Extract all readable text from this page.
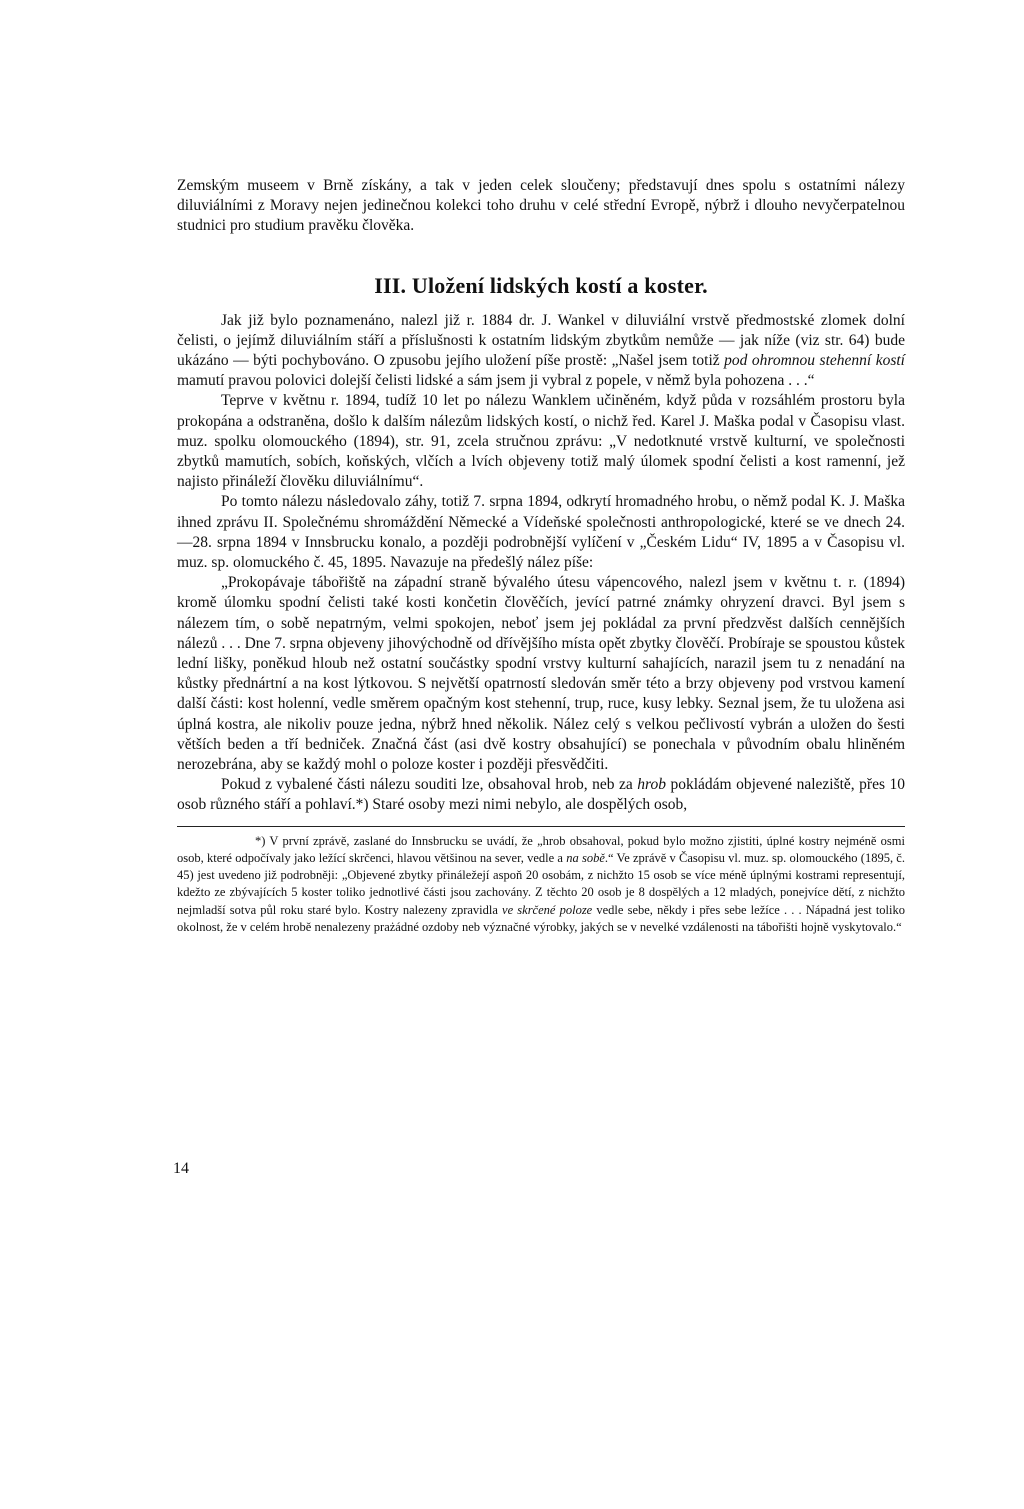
Zemským museem v Brně získány, a tak v jeden celek sloučeny; představují dnes spolu s ostatními nálezy diluviálními z Moravy nejen jedinečnou kolekci toho druhu v celé střední Evropě, nýbrž i dlouho nevyčerpatelnou studnici pro studium pravěku člověka.

III. Uložení lidských kostí a koster.

Jak již bylo poznamenáno, nalezl již r. 1884 dr. J. Wankel v diluviální vrstvě předmostské zlomek dolní čelisti, o jejímž diluviálním stáří a příslušnosti k ostatním lidským zbytkům nemůže — jak níže (viz str. 64) bude ukázáno — býti pochybováno. O zpusobu jejího uložení píše prostě: „Našel jsem totiž pod ohromnou stehenní kostí mamutí pravou polovici dolejší čelisti lidské a sám jsem ji vybral z popele, v němž byla pohozena . . .“

Teprve v květnu r. 1894, tudíž 10 let po nálezu Wanklem učiněném, když půda v rozsáhlém prostoru byla prokopána a odstraněna, došlo k dalším nálezům lidských kostí, o nichž řed. Karel J. Maška podal v Časopisu vlast. muz. spolku olomouckého (1894), str. 91, zcela stručnou zprávu: „V nedotknuté vrstvě kulturní, ve společnosti zbytků mamutích, sobích, koňských, vlčích a lvích objeveny totiž malý úlomek spodní čelisti a kost ramenní, jež najisto přináleží člověku diluviálnímu“.

Po tomto nálezu následovalo záhy, totiž 7. srpna 1894, odkrytí hromadného hrobu, o němž podal K. J. Maška ihned zprávu II. Společnému shromáždění Německé a Vídeňské společnosti anthropologické, které se ve dnech 24.—28. srpna 1894 v Innsbrucku konalo, a později podrobnější vylíčení v „Českém Lidu“ IV, 1895 a v Časopisu vl. muz. sp. olomuckého č. 45, 1895. Navazuje na předešlý nález píše:

„Prokopávaje tábořiště na západní straně bývalého útesu vápencového, nalezl jsem v květnu t. r. (1894) kromě úlomku spodní čelisti také kosti končetin člověčích, jevící patrné známky ohryzení dravci. Byl jsem s nálezem tím, o sobě nepatrným, velmi spokojen, neboť jsem jej pokládal za první předzvěst dalších cennějších nálezů . . . Dne 7. srpna objeveny jihovýchodně od dřívějšího místa opět zbytky člověčí. Probíraje se spoustou kůstek lední lišky, poněkud hloub než ostatní součástky spodní vrstvy kulturní sahajících, narazil jsem tu z nenadání na kůstky přednártní a na kost lýtkovou. S největší opatrností sledován směr této a brzy objeveny pod vrstvou kamení další části: kost holenní, vedle směrem opačným kost stehenní, trup, ruce, kusy lebky. Seznal jsem, že tu uložena asi úplná kostra, ale nikoliv pouze jedna, nýbrž hned několik. Nález celý s velkou pečlivostí vybrán a uložen do šesti větších beden a tří bedniček. Značná část (asi dvě kostry obsahující) se ponechala v původním obalu hliněném nerozebrána, aby se každý mohl o poloze koster i později přesvědčiti.

Pokud z vybalené části nálezu souditi lze, obsahoval hrob, neb za hrob pokládám objevené naleziště, přes 10 osob různého stáří a pohlaví.*) Staré osoby mezi nimi nebylo, ale dospělých osob,

*) V první zprávě, zaslané do Innsbrucku se uvádí, že „hrob obsahoval, pokud bylo možno zjistiti, úplné kostry nejméně osmi osob, které odpočívaly jako ležící skrčenci, hlavou většinou na sever, vedle a na sobě.“ Ve zprávě v Časopisu vl. muz. sp. olomouckého (1895, č. 45) jest uvedeno již podrobněji: „Objevené zbytky přináležejí aspoň 20 osobám, z nichžto 15 osob se více méně úplnými kostrami representují, kdežto ze zbývajících 5 koster toliko jednotlivé části jsou zachovány. Z těchto 20 osob je 8 dospělých a 12 mladých, ponejvíce dětí, z nichžto nejmladší sotva půl roku staré bylo. Kostry nalezeny zpravidla ve skrčené poloze vedle sebe, někdy i přes sebe ležíce . . . Nápadná jest toliko okolnost, že v celém hrobě nenalezeny prażádné ozdoby neb význačné výrobky, jakých se v nevelké vzdálenosti na tábořišti hojně vyskytovalo.“

14
